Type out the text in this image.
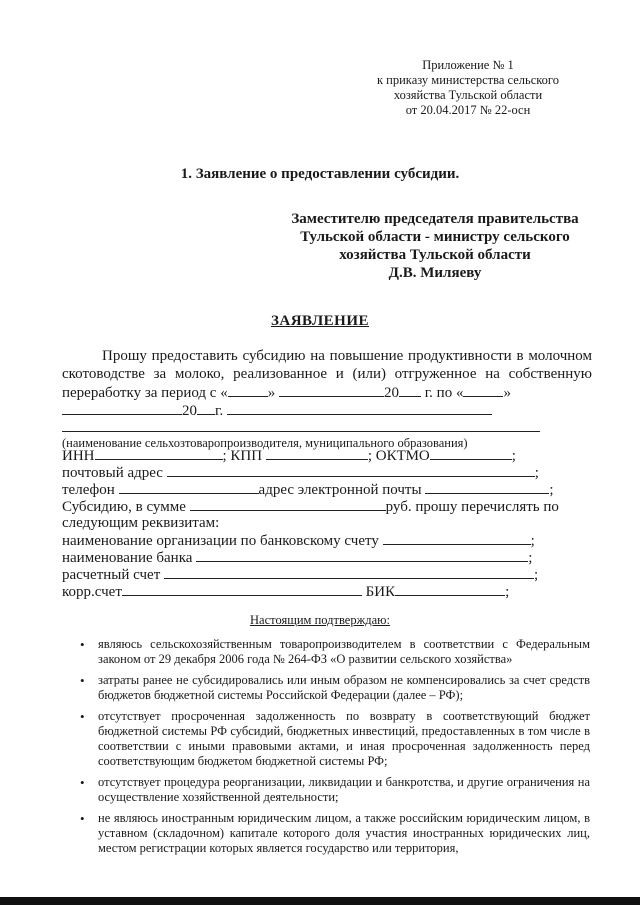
Приложение № 1
к приказу министерства сельского
хозяйства Тульской области
от 20.04.2017 № 22-осн
1. Заявление о предоставлении субсидии.
Заместителю председателя правительства
Тульской области - министру сельского
хозяйства Тульской области
Д.В. Миляеву
ЗАЯВЛЕНИЕ
Прошу предоставить субсидию на повышение продуктивности в молочном
скотоводстве за молоко, реализованное и (или) отгруженное на собственную
переработку за период с «	»	20 г. по «	»
20 г.
(наименование сельхозтоваропроизводителя, муниципального образования)
ИНН	; КПП	; ОКТМО	;
почтовый адрес	;
телефон	адрес электронной почты	;
Субсидию, в сумме	руб. прошу перечислять по
следующим реквизитам:
наименование организации по банковскому счету	;
наименование банка	;
расчетный счет	;
корр.счет	БИК	;
Настоящим подтверждаю:
• являюсь сельскохозяйственным товаропроизводителем в соответствии с Федеральным законом от 29 декабря 2006 года № 264-ФЗ «О развитии сельского хозяйства»
• затраты ранее не субсидировались или иным образом не компенсировались за счет средств бюджетов бюджетной системы Российской Федерации (далее – РФ);
• отсутствует просроченная задолженность по возврату в соответствующий бюджет бюджетной системы РФ субсидий, бюджетных инвестиций, предоставленных в том числе в соответствии с иными правовыми актами, и иная просроченная задолженность перед соответствующим бюджетом бюджетной системы РФ;
• отсутствует процедура реорганизации, ликвидации и банкротства, и другие ограничения на осуществление хозяйственной деятельности;
• не являюсь иностранным юридическим лицом, а также российским юридическим лицом, в уставном (складочном) капитале которого доля участия иностранных юридических лиц, местом регистрации которых является государство или территория,
